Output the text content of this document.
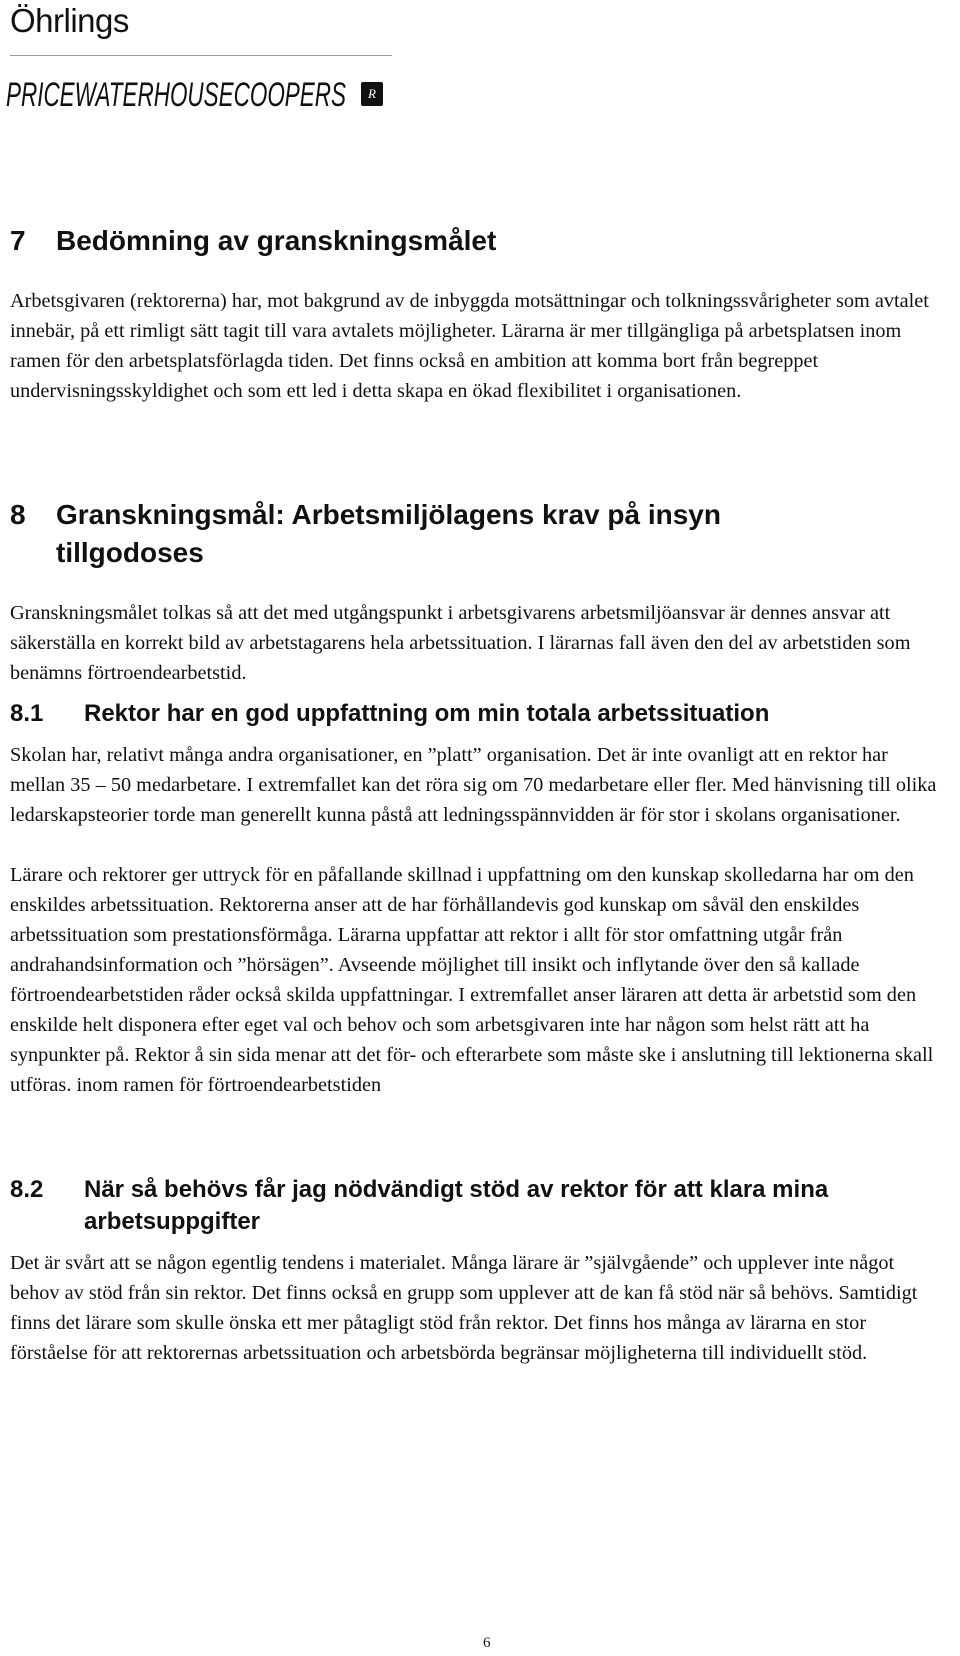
Öhrlings
PRICEWATERHOUSECOOPERS	R
7	Bedömning av granskningsmålet

Arbetsgivaren (rektorerna) har, mot bakgrund av de inbyggda motsättningar och tolkningssvårigheter som avtalet innebär, på ett rimligt sätt tagit till vara avtalets möjligheter. Lärarna är mer tillgängliga på arbetsplatsen inom ramen för den arbetsplatsförlagda tiden. Det finns också en ambition att komma bort från begreppet undervisningsskyldighet och som ett led i detta skapa en ökad flexibilitet i organisationen.

8	Granskningsmål: Arbetsmiljölagens krav på insyn tillgodoses

Granskningsmålet tolkas så att det med utgångspunkt i arbetsgivarens arbetsmiljöansvar är dennes ansvar att säkerställa en korrekt bild av arbetstagarens hela arbetssituation. I lärarnas fall även den del av arbetstiden som benämns förtroendearbetstid.

8.1	Rektor har en god uppfattning om min totala arbetssituation

Skolan har, relativt många andra organisationer, en ”platt” organisation. Det är inte ovanligt att en rektor har mellan 35 – 50 medarbetare. I extremfallet kan det röra sig om 70 medarbetare eller fler. Med hänvisning till olika ledarskapsteorier torde man generellt kunna påstå att ledningsspännvidden är för stor i skolans organisationer.

Lärare och rektorer ger uttryck för en påfallande skillnad i uppfattning om den kunskap skolledarna har om den enskildes arbetssituation. Rektorerna anser att de har förhållandevis god kunskap om såväl den enskildes arbetssituation som prestationsförmåga. Lärarna uppfattar att rektor i allt för stor omfattning utgår från andrahandsinformation och ”hörsägen”. Avseende möjlighet till insikt och inflytande över den så kallade förtroendearbetstiden råder också skilda uppfattningar. I extremfallet anser läraren att detta är arbetstid som den enskilde helt disponera efter eget val och behov och som arbetsgivaren inte har någon som helst rätt att ha synpunkter på. Rektor å sin sida menar att det för- och efterarbete som måste ske i anslutning till lektionerna skall utföras. inom ramen för förtroendearbetstiden

8.2	När så behövs får jag nödvändigt stöd av rektor för att klara mina arbetsuppgifter

Det är svårt att se någon egentlig tendens i materialet. Många lärare är ”självgående” och upplever inte något behov av stöd från sin rektor. Det finns också en grupp som upplever att de kan få stöd när så behövs. Samtidigt finns det lärare som skulle önska ett mer påtagligt stöd från rektor. Det finns hos många av lärarna en stor förståelse för att rektorernas arbetssituation och arbetsbörda begränsar möjligheterna till individuellt stöd.

6
